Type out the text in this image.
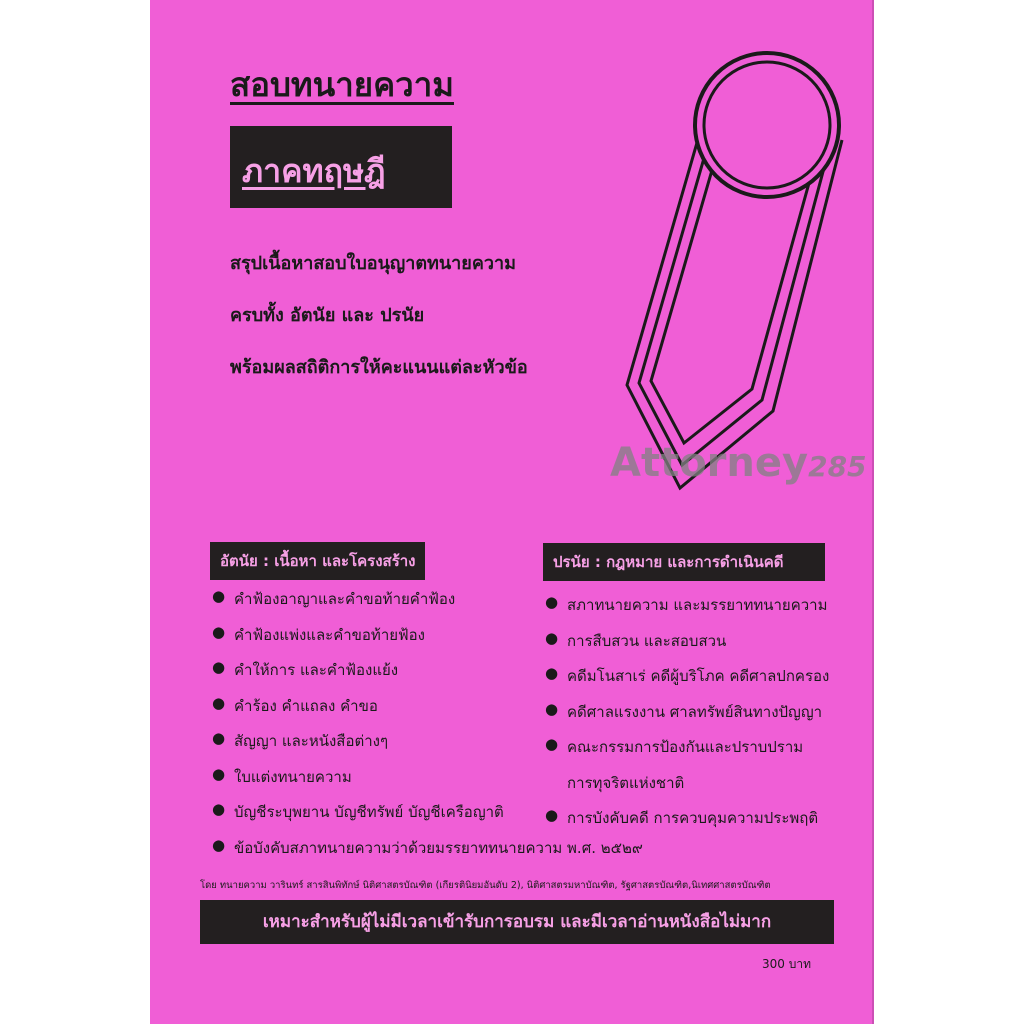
สอบทนายความ
ภาคทฤษฎี
สรุปเนื้อหาสอบใบอนุญาตทนายความ
ครบทั้ง อัตนัย และ ปรนัย
พร้อมผลสถิติการให้คะแนนแต่ละหัวข้อ
Attorney285
อัตนัย : เนื้อหา และโครงสร้าง
● คำฟ้องอาญาและคำขอท้ายคำฟ้อง
● คำฟ้องแพ่งและคำขอท้ายฟ้อง
● คำให้การ และคำฟ้องแย้ง
● คำร้อง คำแถลง คำขอ
● สัญญา และหนังสือต่างๆ
● ใบแต่งทนายความ
● บัญชีระบุพยาน บัญชีทรัพย์ บัญชีเครือญาติ
● ข้อบังคับสภาทนายความว่าด้วยมรรยาททนายความ พ.ศ. ๒๕๒๙
ปรนัย : กฎหมาย และการดำเนินคดี
● สภาทนายความ และมรรยาททนายความ
● การสืบสวน และสอบสวน
● คดีมโนสาเร่ คดีผู้บริโภค คดีศาลปกครอง
● คดีศาลแรงงาน ศาลทรัพย์สินทางปัญญา
● คณะกรรมการป้องกันและปราบปราม
การทุจริตแห่งชาติ
● การบังคับคดี การควบคุมความประพฤติ
โดย ทนายความ วารินทร์ สารสินพิทักษ์ นิติศาสตรบัณฑิต (เกียรตินิยมอันดับ 2), นิติศาสตรมหาบัณฑิต, รัฐศาสตรบัณฑิต,นิเทศศาสตรบัณฑิต
เหมาะสำหรับผู้ไม่มีเวลาเข้ารับการอบรม และมีเวลาอ่านหนังสือไม่มาก
300 บาท
